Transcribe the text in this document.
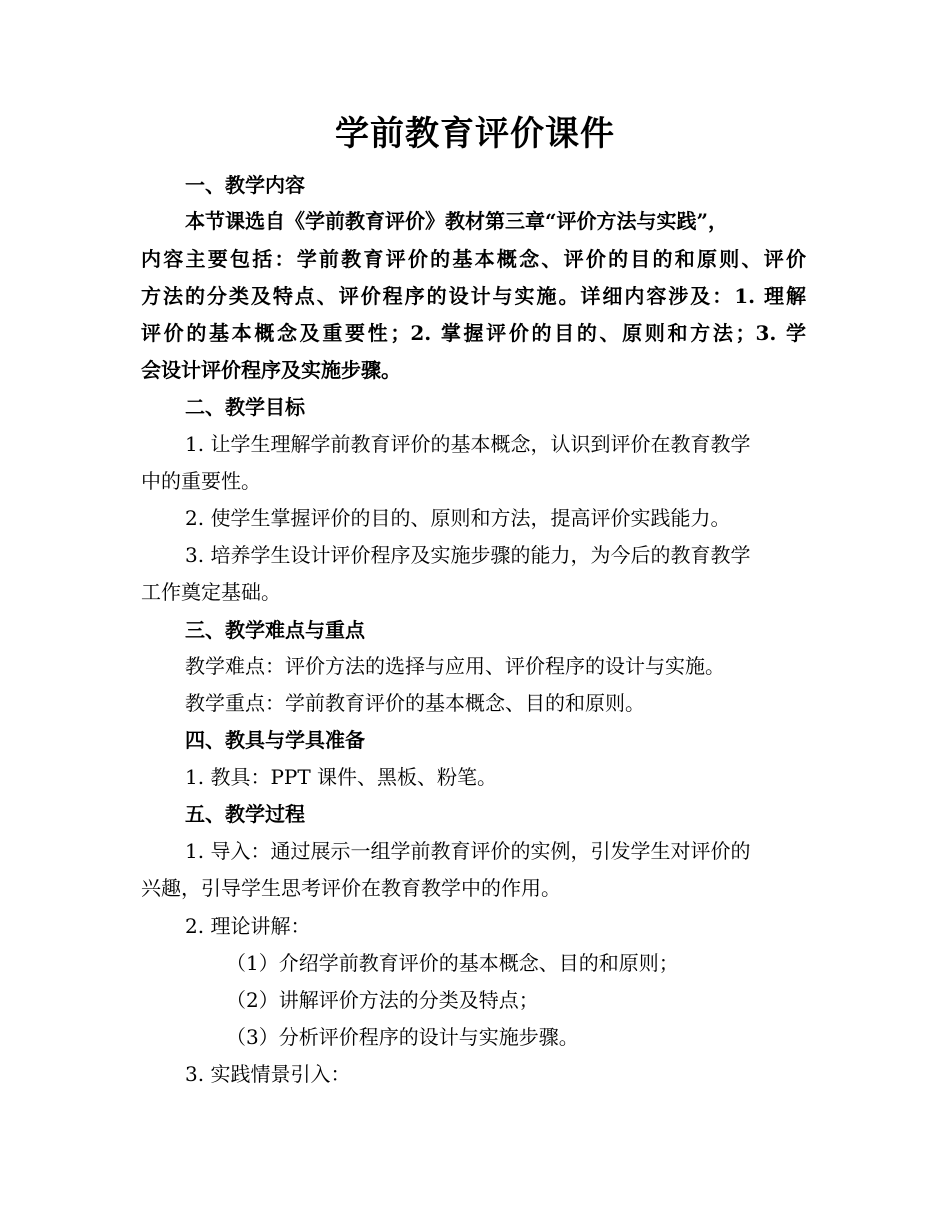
学前教育评价课件
一、教学内容
本节课选自《学前教育评价》教材第三章“评价方法与实践”，
内容主要包括：学前教育评价的基本概念、评价的目的和原则、评价
方法的分类及特点、评价程序的设计与实施。详细内容涉及：1. 理解
评价的基本概念及重要性；2. 掌握评价的目的、原则和方法；3. 学
会设计评价程序及实施步骤。
二、教学目标
1. 让学生理解学前教育评价的基本概念，认识到评价在教育教学
中的重要性。
2. 使学生掌握评价的目的、原则和方法，提高评价实践能力。
3. 培养学生设计评价程序及实施步骤的能力，为今后的教育教学
工作奠定基础。
三、教学难点与重点
教学难点：评价方法的选择与应用、评价程序的设计与实施。
教学重点：学前教育评价的基本概念、目的和原则。
四、教具与学具准备
1. 教具：PPT 课件、黑板、粉笔。
五、教学过程
1. 导入：通过展示一组学前教育评价的实例，引发学生对评价的
兴趣，引导学生思考评价在教育教学中的作用。
2. 理论讲解：
（1）介绍学前教育评价的基本概念、目的和原则；
（2）讲解评价方法的分类及特点；
（3）分析评价程序的设计与实施步骤。
3. 实践情景引入：
